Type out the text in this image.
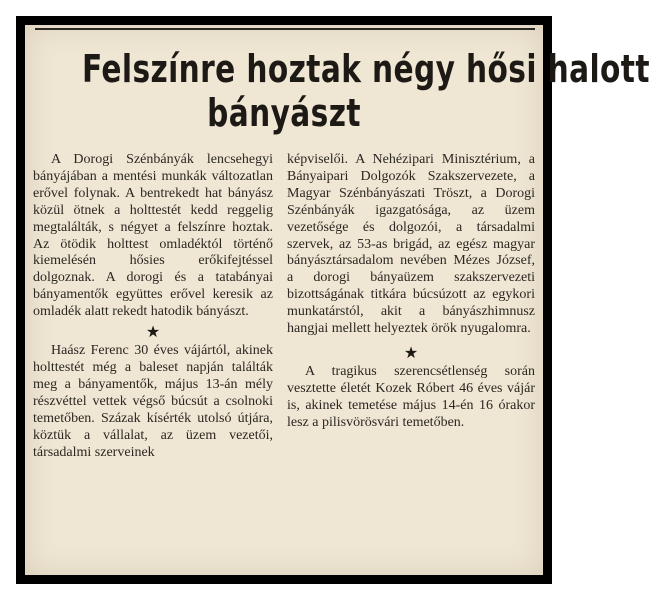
Felszínre hoztak négy hősi halott
bányászt

A Dorogi Szénbányák lencsehegyi bányájában a mentési munkák változatlan erővel folynak. A bentrekedt hat bányász közül ötnek a holttestét kedd reggelig megtalálták, s négyet a felszínre hoztak. Az ötödik holttest omladéktól történő kiemelésén hősies erőkifejtéssel dolgoznak. A dorogi és a tatabányai bányamentők együttes erővel keresik az omladék alatt rekedt hatodik bányászt.

★

Haász Ferenc 30 éves vájártól, akinek holttestét még a baleset napján találták meg a bányamentők, május 13-án mély részvéttel vettek végső búcsút a csolnoki temetőben. Százak kísérték utolsó útjára, köztük a vállalat, az üzem vezetői, társadalmi szerveinek

képviselői. A Nehézipari Minisztérium, a Bányaipari Dolgozók Szakszervezete, a Magyar Szénbányászati Tröszt, a Dorogi Szénbányák igazgatósága, az üzem vezetősége és dolgozói, a társadalmi szervek, az 53-as brigád, az egész magyar bányásztársadalom nevében Mézes József, a dorogi bányaüzem szakszervezeti bizottságának titkára búcsúzott az egykori munkatárstól, akit a bányászhimnusz hangjai mellett helyeztek örök nyugalomra.

★

A tragikus szerencsétlenség során vesztette életét Kozek Róbert 46 éves vájár is, akinek temetése május 14-én 16 órakor lesz a pilisvörösvári temetőben.
